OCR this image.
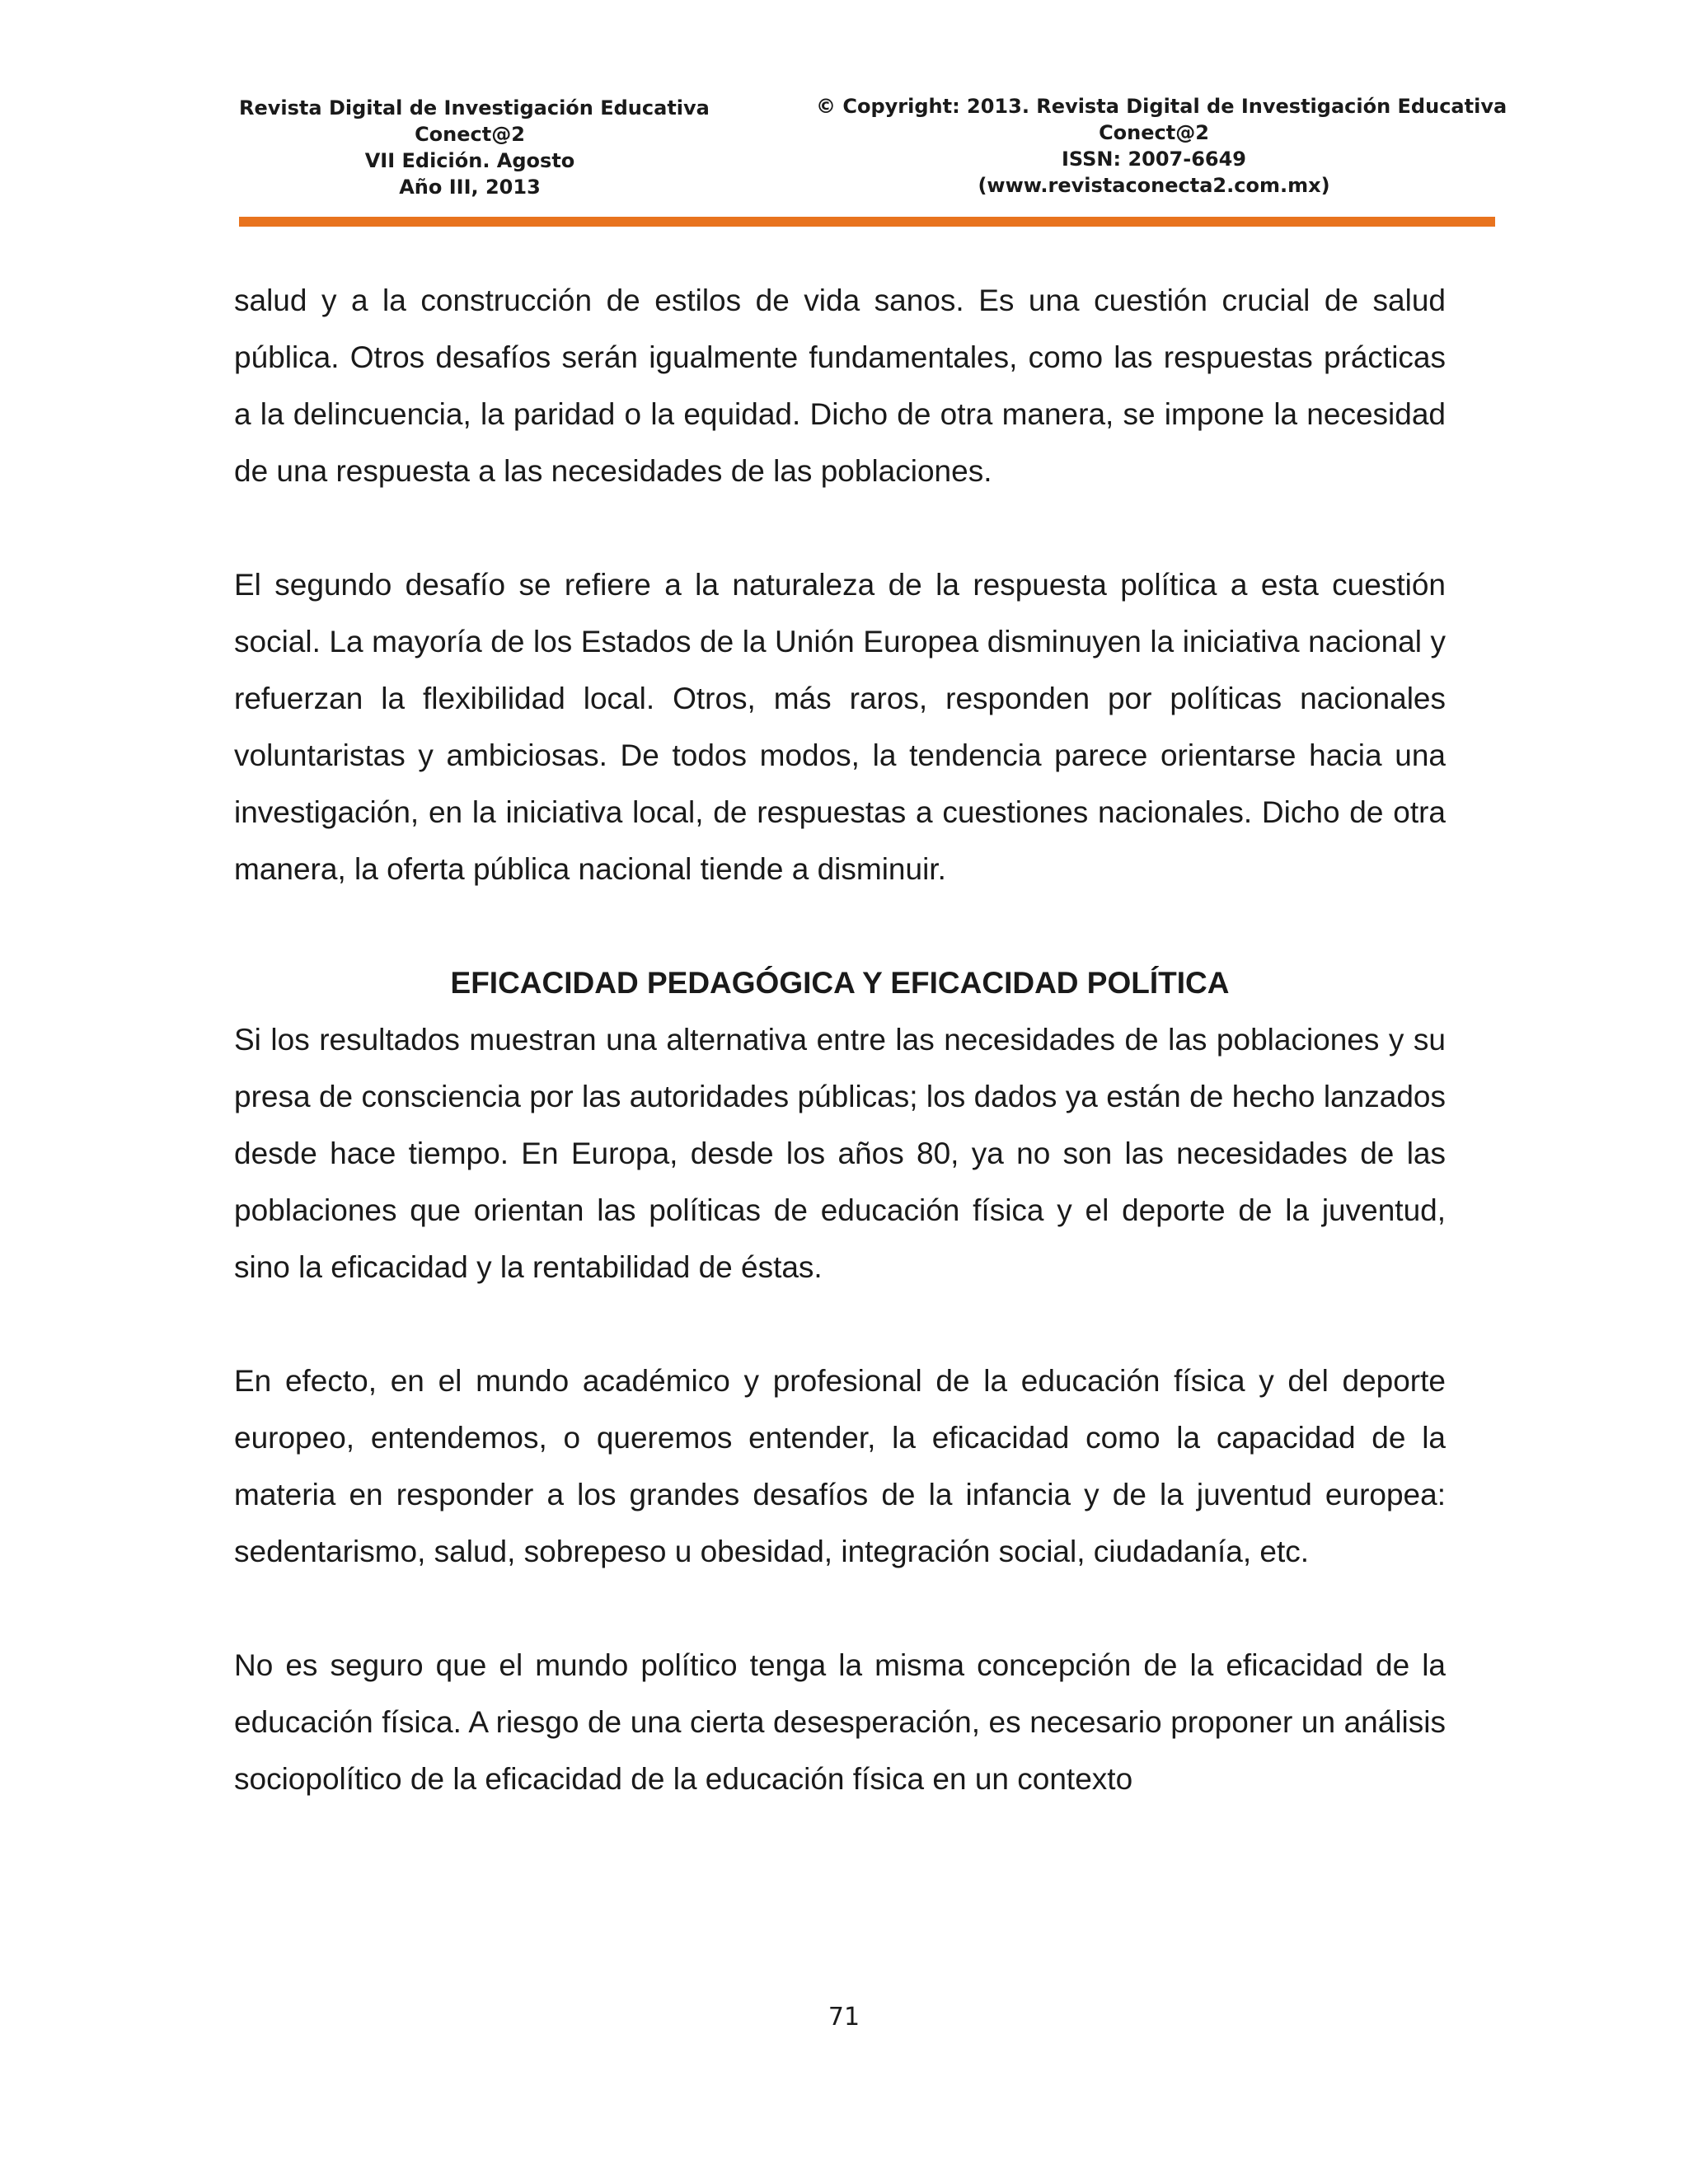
Revista Digital de Investigación Educativa
Conect@2
VII Edición. Agosto
Año III, 2013
© Copyright: 2013. Revista Digital de Investigación Educativa
Conect@2
ISSN: 2007-6649
(www.revistaconecta2.com.mx)

salud y a la construcción de estilos de vida sanos. Es una cuestión crucial de salud pública. Otros desafíos serán igualmente fundamentales, como las respuestas prácticas a la delincuencia, la paridad o la equidad. Dicho de otra manera, se impone la necesidad de una respuesta a las necesidades de las poblaciones.

El segundo desafío se refiere a la naturaleza de la respuesta política a esta cuestión social. La mayoría de los Estados de la Unión Europea disminuyen la iniciativa nacional y refuerzan la flexibilidad local. Otros, más raros, responden por políticas nacionales voluntaristas y ambiciosas. De todos modos, la tendencia parece orientarse hacia una investigación, en la iniciativa local, de respuestas a cuestiones nacionales. Dicho de otra manera, la oferta pública nacional tiende a disminuir.

EFICACIDAD PEDAGÓGICA Y EFICACIDAD POLÍTICA

Si los resultados muestran una alternativa entre las necesidades de las poblaciones y su presa de consciencia por las autoridades públicas; los dados ya están de hecho lanzados desde hace tiempo. En Europa, desde los años 80, ya no son las necesidades de las poblaciones que orientan las políticas de educación física y el deporte de la juventud, sino la eficacidad y la rentabilidad de éstas.

En efecto, en el mundo académico y profesional de la educación física y del deporte europeo, entendemos, o queremos entender, la eficacidad como la capacidad de la materia en responder a los grandes desafíos de la infancia y de la juventud europea: sedentarismo, salud, sobrepeso u obesidad, integración social, ciudadanía, etc.

No es seguro que el mundo político tenga la misma concepción de la eficacidad de la educación física. A riesgo de una cierta desesperación, es necesario proponer un análisis sociopolítico de la eficacidad de la educación física en un contexto

71
